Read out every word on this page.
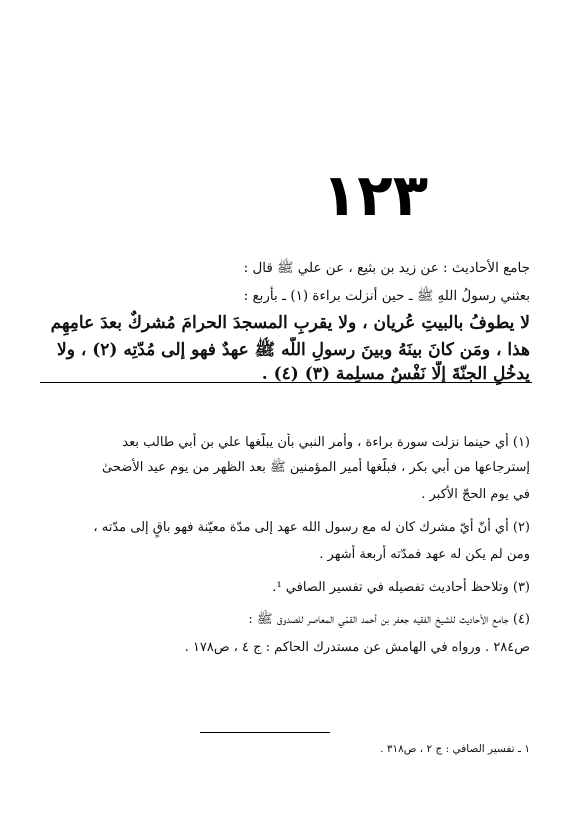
١٢٣
جامع الأحاديث : عن زيد بن بثيع ، عن علي ﷺ قال :
بعثني رسولُ اللهِ ﷺ ـ حين أُنزلت براءة (١) ـ بأربع :
لا يطوفُ بالبيتِ عُريان ، ولا يقربِ المسجدَ الحرامَ مُشركٌ بعدَ عامِهِم
هذا ، ومَن كانَ بينَهُ وبينَ رسولِ اللّه ﷺ عهدٌ فهو إلى مُدّتِه (٢) ، ولا
يدخُلِ الجنّةَ إلّا نَفْسٌ مسلِمة (٣) (٤) .
(١) أي حينما نزلت سورة براءة ، وأمر النبي بأن يبلّغها علي بن أبي طالب بعد
إسترجاعها من أبي بكر ، فبلّغها أمير المؤمنين ﷺ بعد الظهر من يوم عيد الأضحىٰ
في يوم الحجّ الأكبر .
(٢) أي أنّ أيّ مشرك كان له مع رسول الله عهد إلى مدّة معيّنة فهو باقٍ إلى مدّته ،
ومن لم يكن له عهد فمدّته أربعة أشهر .
(٣) وتلاحظ أحاديث تفصيله في تفسير الصافي ¹.
(٤) جامع الأحاديث للشيخ الفقيه جعفر بن أحمد القمّي المعاصر للصدوق ﷺ :
ص٢٨٤ . ورواه في الهامش عن مستدرك الحاكم : ج ٤ ، ص١٧٨ .
١ ـ تفسير الصافي : ج ٢ ، ص٣١٨ .
